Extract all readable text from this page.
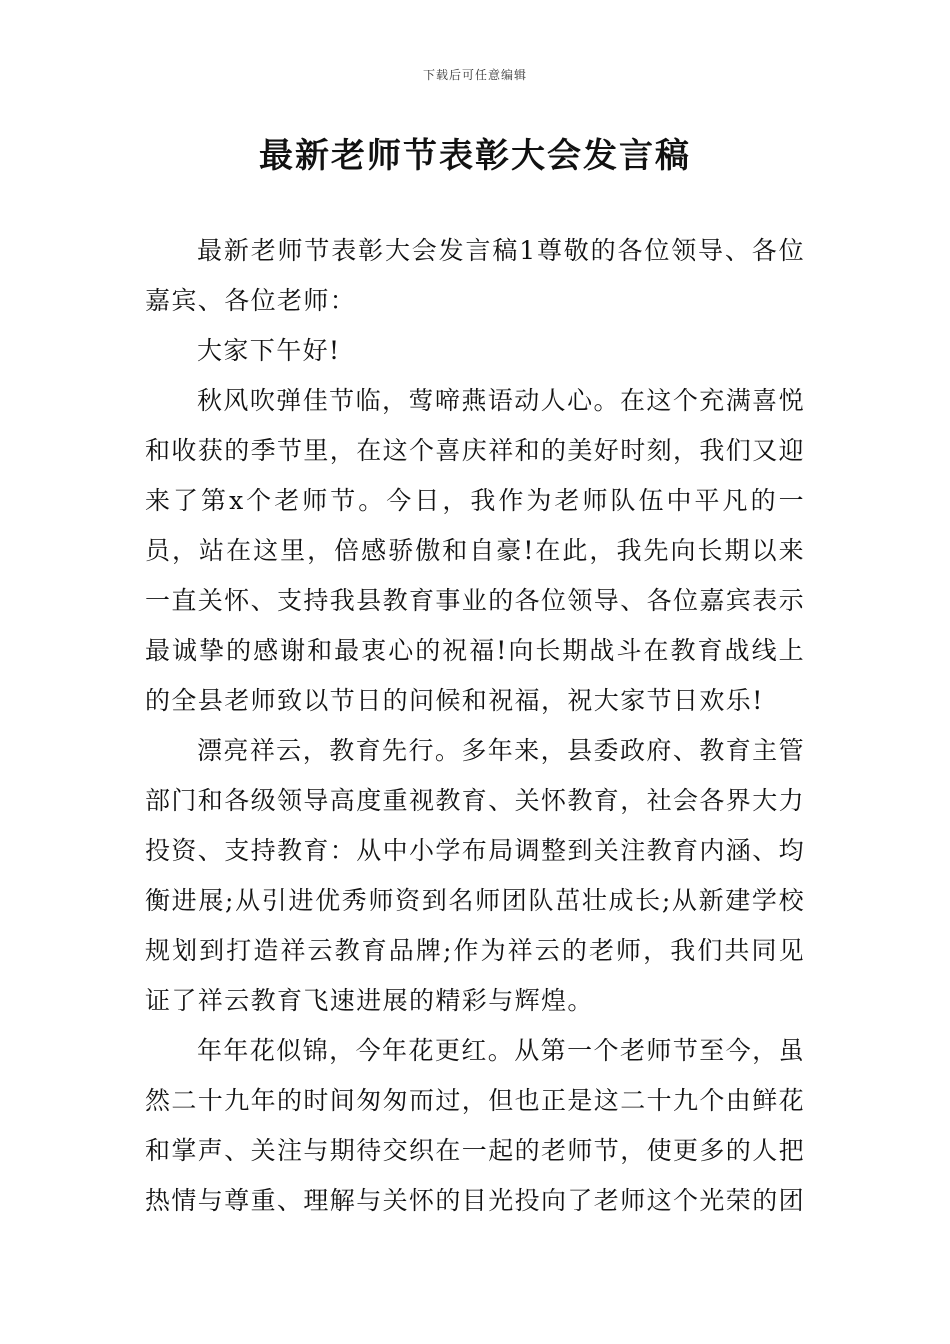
下载后可任意编辑
最新老师节表彰大会发言稿

最新老师节表彰大会发言稿1尊敬的各位领导、各位嘉宾、各位老师：

大家下午好!

秋风吹弹佳节临，莺啼燕语动人心。在这个充满喜悦和收获的季节里，在这个喜庆祥和的美好时刻，我们又迎来了第x个老师节。今日，我作为老师队伍中平凡的一员，站在这里，倍感骄傲和自豪!在此，我先向长期以来一直关怀、支持我县教育事业的各位领导、各位嘉宾表示最诚挚的感谢和最衷心的祝福!向长期战斗在教育战线上的全县老师致以节日的问候和祝福，祝大家节日欢乐!

漂亮祥云，教育先行。多年来，县委政府、教育主管部门和各级领导高度重视教育、关怀教育，社会各界大力投资、支持教育：从中小学布局调整到关注教育内涵、均衡进展;从引进优秀师资到名师团队茁壮成长;从新建学校规划到打造祥云教育品牌;作为祥云的老师，我们共同见证了祥云教育飞速进展的精彩与辉煌。

年年花似锦，今年花更红。从第一个老师节至今，虽然二十九年的时间匆匆而过，但也正是这二十九个由鲜花和掌声、关注与期待交织在一起的老师节，使更多的人把热情与尊重、理解与关怀的目光投向了老师这个光荣的团
